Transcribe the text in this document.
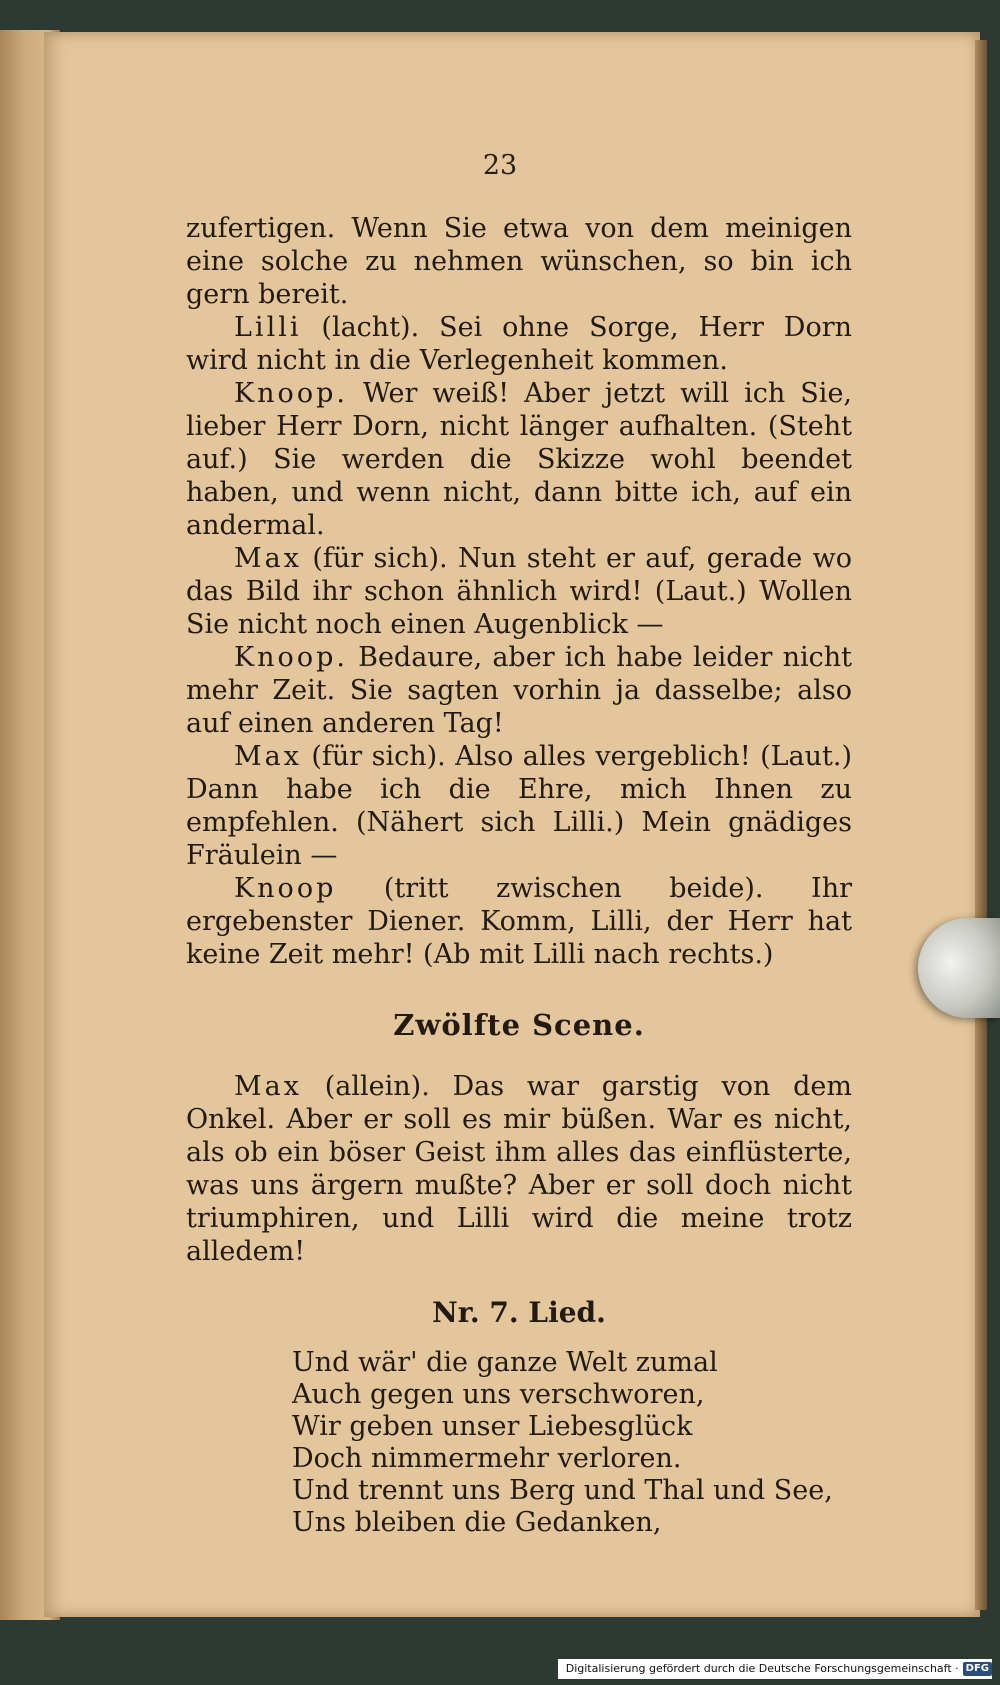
23

zufertigen. Wenn Sie etwa von dem meinigen eine solche zu nehmen wünschen, so bin ich gern bereit.

Lilli (lacht). Sei ohne Sorge, Herr Dorn wird nicht in die Verlegenheit kommen.

Knoop. Wer weiß! Aber jetzt will ich Sie, lieber Herr Dorn, nicht länger aufhalten. (Steht auf.) Sie werden die Skizze wohl beendet haben, und wenn nicht, dann bitte ich, auf ein andermal.

Max (für sich). Nun steht er auf, gerade wo das Bild ihr schon ähnlich wird! (Laut.) Wollen Sie nicht noch einen Augenblick —

Knoop. Bedaure, aber ich habe leider nicht mehr Zeit. Sie sagten vorhin ja dasselbe; also auf einen anderen Tag!

Max (für sich). Also alles vergeblich! (Laut.) Dann habe ich die Ehre, mich Ihnen zu empfehlen. (Nähert sich Lilli.) Mein gnädiges Fräulein —

Knoop (tritt zwischen beide). Ihr ergebenster Diener. Komm, Lilli, der Herr hat keine Zeit mehr! (Ab mit Lilli nach rechts.)

Zwölfte Scene.

Max (allein). Das war garstig von dem Onkel. Aber er soll es mir büßen. War es nicht, als ob ein böser Geist ihm alles das einflüsterte, was uns ärgern mußte? Aber er soll doch nicht triumphiren, und Lilli wird die meine trotz alledem!

Nr. 7. Lied.
Und wär' die ganze Welt zumal
Auch gegen uns verschworen,
Wir geben unser Liebesglück
Doch nimmermehr verloren.
Und trennt uns Berg und Thal und See,
Uns bleiben die Gedanken,
Digitalisierung gefördert durch die Deutsche Forschungsgemeinschaft · DFG
